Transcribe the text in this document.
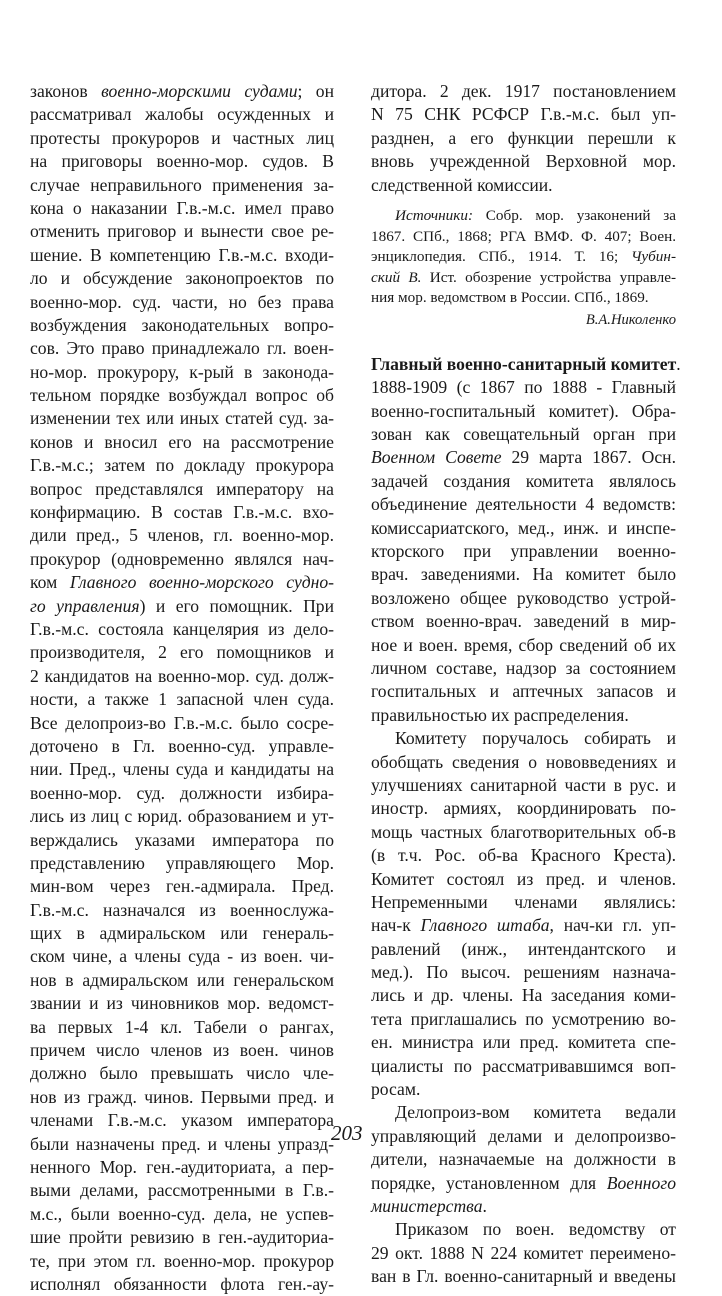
законов военно-морскими судами; он
рассматривал жалобы осужденных и
протесты прокуроров и частных лиц
на приговоры военно-мор. судов. В
случае неправильного применения за-
кона о наказании Г.в.-м.с. имел право
отменить приговор и вынести свое ре-
шение. В компетенцию Г.в.-м.с. входи-
ло и обсуждение законопроектов по
военно-мор. суд. части, но без права
возбуждения законодательных вопро-
сов. Это право принадлежало гл. воен-
но-мор. прокурору, к-рый в законода-
тельном порядке возбуждал вопрос об
изменении тех или иных статей суд. за-
конов и вносил его на рассмотрение
Г.в.-м.с.; затем по докладу прокурора
вопрос представлялся императору на
конфирмацию. В состав Г.в.-м.с. вхо-
дили пред., 5 членов, гл. военно-мор.
прокурор (одновременно являлся нач-
ком Главного военно-морского судно-
го управления) и его помощник. При
Г.в.-м.с. состояла канцелярия из дело-
производителя, 2 его помощников и
2 кандидатов на военно-мор. суд. долж-
ности, а также 1 запасной член суда.
Все делопроиз-во Г.в.-м.с. было сосре-
доточено в Гл. военно-суд. управле-
нии. Пред., члены суда и кандидаты на
военно-мор. суд. должности избира-
лись из лиц с юрид. образованием и ут-
верждались указами императора по
представлению управляющего Мор.
мин-вом через ген.-адмирала. Пред.
Г.в.-м.с. назначался из военнослужа-
щих в адмиральском или генераль-
ском чине, а члены суда - из воен. чи-
нов в адмиральском или генеральском
звании и из чиновников мор. ведомст-
ва первых 1-4 кл. Табели о рангах,
причем число членов из воен. чинов
должно было превышать число чле-
нов из гражд. чинов. Первыми пред. и
членами Г.в.-м.с. указом императора
были назначены пред. и члены упразд-
ненного Мор. ген.-аудиториата, а пер-
выми делами, рассмотренными в Г.в.-
м.с., были военно-суд. дела, не успев-
шие пройти ревизию в ген.-аудиториа-
те, при этом гл. военно-мор. прокурор
исполнял обязанности флота ген.-ау-
дитора. 2 дек. 1917 постановлением
N 75 СНК РСФСР Г.в.-м.с. был уп-
разднен, а его функции перешли к
вновь учрежденной Верховной мор.
следственной комиссии.
Источники: Собр. мор. узаконений за
1867. СПб., 1868; РГА ВМФ. Ф. 407; Воен.
энциклопедия. СПб., 1914. Т. 16; Чубин-
ский В. Ист. обозрение устройства управле-
ния мор. ведомством в России. СПб., 1869.
В.А.Николенко
Главный военно-санитарный комитет.
1888-1909 (с 1867 по 1888 - Главный
военно-госпитальный комитет). Обра-
зован как совещательный орган при
Военном Совете 29 марта 1867. Осн.
задачей создания комитета являлось
объединение деятельности 4 ведомств:
комиссариатского, мед., инж. и инспе-
кторского при управлении военно-
врач. заведениями. На комитет было
возложено общее руководство устрой-
ством военно-врач. заведений в мир-
ное и воен. время, сбор сведений об их
личном составе, надзор за состоянием
госпитальных и аптечных запасов и
правильностью их распределения.
Комитету поручалось собирать и
обобщать сведения о нововведениях и
улучшениях санитарной части в рус. и
иностр. армиях, координировать по-
мощь частных благотворительных об-в
(в т.ч. Рос. об-ва Красного Креста).
Комитет состоял из пред. и членов.
Непременными членами являлись:
нач-к Главного штаба, нач-ки гл. уп-
равлений (инж., интендантского и
мед.). По высоч. решениям назнача-
лись и др. члены. На заседания коми-
тета приглашались по усмотрению во-
ен. министра или пред. комитета спе-
циалисты по рассматривавшимся воп-
росам.
Делопроиз-вом комитета ведали
управляющий делами и делопроизво-
дители, назначаемые на должности в
порядке, установленном для Военного
министерства.
Приказом по воен. ведомству от
29 окт. 1888 N 224 комитет переимено-
ван в Гл. военно-санитарный и введены
203
